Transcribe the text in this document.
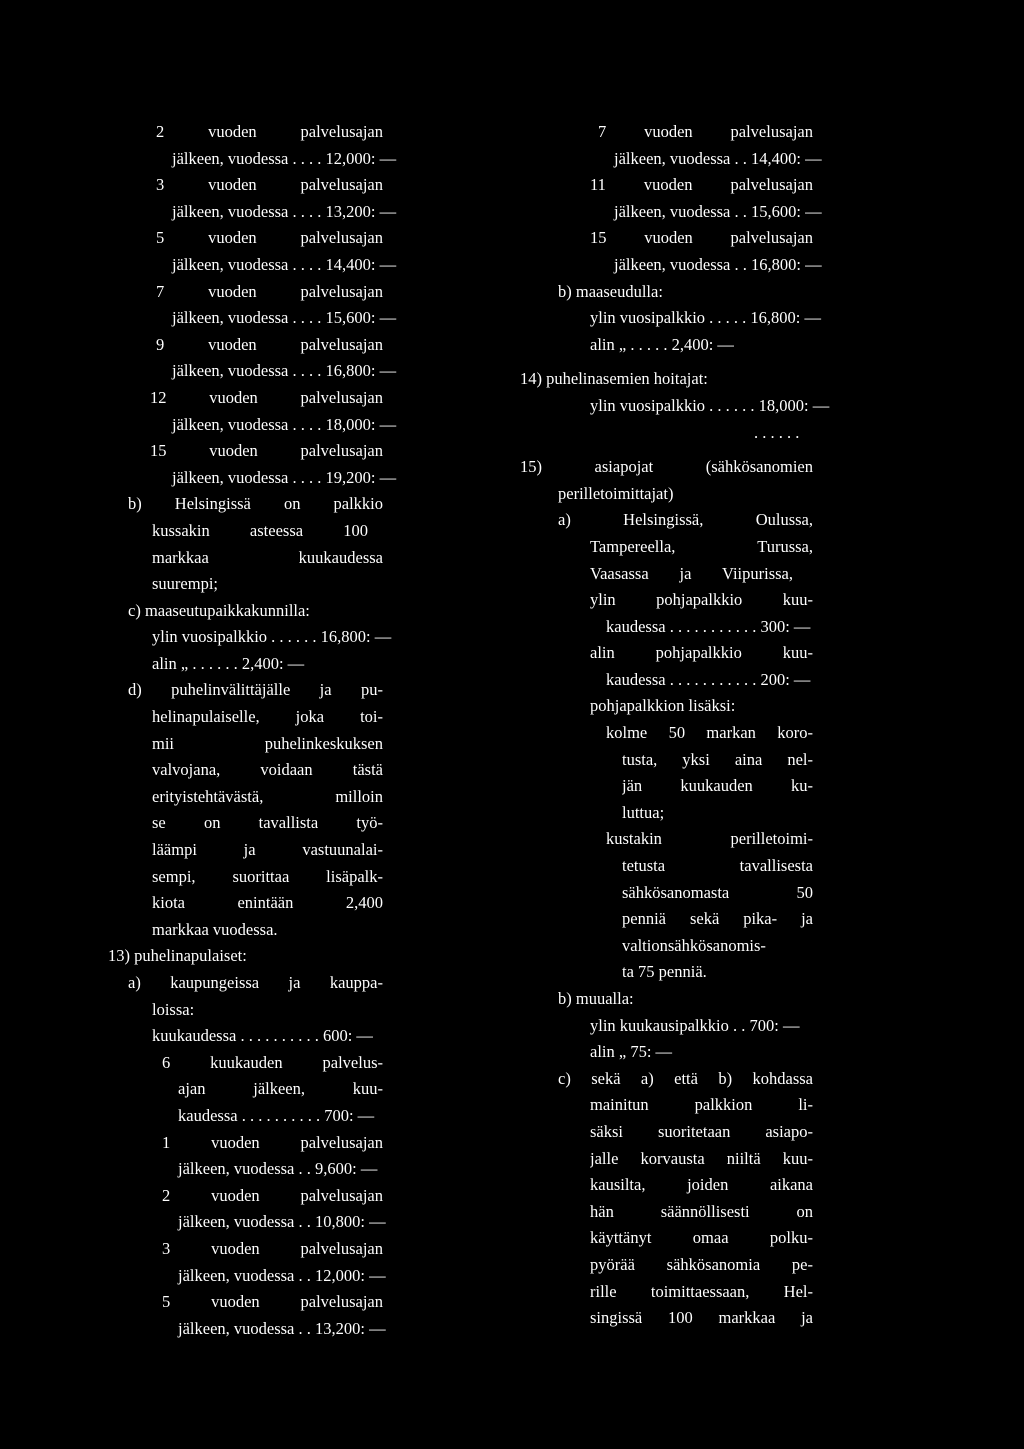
2 vuoden palvelusajan
jälkeen, vuodessa . . . . 12,000: —
3 vuoden palvelusajan
jälkeen, vuodessa . . . . 13,200: —
5 vuoden palvelusajan
jälkeen, vuodessa . . . . 14,400: —
7 vuoden palvelusajan
jälkeen, vuodessa . . . . 15,600: —
9 vuoden palvelusajan
jälkeen, vuodessa . . . . 16,800: —
12 vuoden palvelusajan
jälkeen, vuodessa . . . . 18,000: —
15 vuoden palvelusajan
jälkeen, vuodessa . . . . 19,200: —
b) Helsingissä on palkkio
kussakin asteessa 100
markkaa kuukaudessa
suurempi;
c) maaseutupaikkakunnilla:
ylin vuosipalkkio . . . . . . 16,800: —
alin „ . . . . . . 2,400: —
d) puhelinvälittäjälle ja pu-
helinapulaiselle, joka toi-
mii puhelinkeskuksen
valvojana, voidaan tästä
erityistehtävästä, milloin
se on tavallista työ-
läämpi ja vastuunalai-
sempi, suorittaa lisäpalk-
kiota enintään 2,400
markkaa vuodessa.
13) puhelinapulaiset:
a) kaupungeissa ja kauppa-
loissa:
kuukaudessa . . . . . . . . . . 600: —
6 kuukauden palvelus-
ajan jälkeen, kuu-
kaudessa . . . . . . . . . . 700: —
1 vuoden palvelusajan
jälkeen, vuodessa . . 9,600: —
2 vuoden palvelusajan
jälkeen, vuodessa . . 10,800: —
3 vuoden palvelusajan
jälkeen, vuodessa . . 12,000: —
5 vuoden palvelusajan
jälkeen, vuodessa . . 13,200: —
7 vuoden palvelusajan
jälkeen, vuodessa . . 14,400: —
11 vuoden palvelusajan
jälkeen, vuodessa . . 15,600: —
15 vuoden palvelusajan
jälkeen, vuodessa . . 16,800: —
b) maaseudulla:
ylin vuosipalkkio . . . . . 16,800: —
alin „ . . . . . 2,400: —
14) puhelinasemien hoitajat:
ylin vuosipalkkio . . . . . . 18,000: —
. . . . . .
15) asiapojat (sähkösanomien
perilletoimittajat)
a) Helsingissä, Oulussa,
Tampereella, Turussa,
Vaasassa ja Viipurissa,
ylin pohjapalkkio kuu-
kaudessa . . . . . . . . . . . 300: —
alin pohjapalkkio kuu-
kaudessa . . . . . . . . . . . 200: —
pohjapalkkion lisäksi:
kolme 50 markan koro-
tusta, yksi aina nel-
jän kuukauden ku-
luttua;
kustakin perilletoimi-
tetusta tavallisesta
sähkösanomasta 50
penniä sekä pika- ja
valtionsähkösanomis-
ta 75 penniä.
b) muualla:
ylin kuukausipalkkio . . 700: —
alin „ 75: —
c) sekä a) että b) kohdassa
mainitun palkkion li-
säksi suoritetaan asiapo-
jalle korvausta niiltä kuu-
kausilta, joiden aikana
hän säännöllisesti on
käyttänyt omaa polku-
pyörää sähkösanomia pe-
rille toimittaessaan, Hel-
singissä 100 markkaa ja
